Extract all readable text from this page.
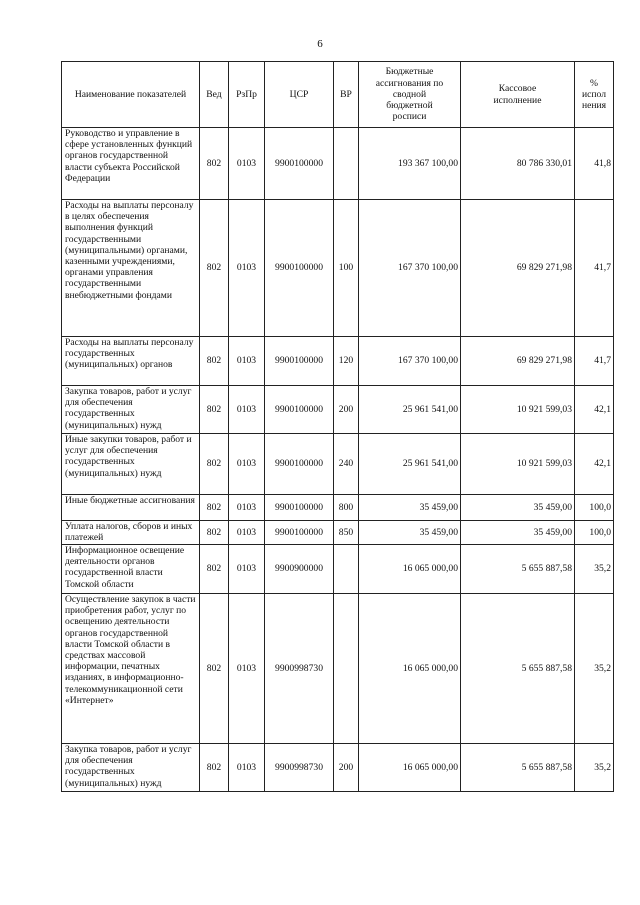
6
Наименование показателей	Вед	РзПр	ЦСР	ВР	Бюджетные ассигнования по сводной бюджетной росписи	Кассовое исполнение	% испол нения
Руководство и управление в сфере установленных функций органов государственной власти субъекта Российской Федерации	802	0103	9900100000		193 367 100,00	80 786 330,01	41,8
Расходы на выплаты персоналу в целях обеспечения выполнения функций государственными (муниципальными) органами, казенными учреждениями, органами управления государственными внебюджетными фондами	802	0103	9900100000	100	167 370 100,00	69 829 271,98	41,7
Расходы на выплаты персоналу государственных (муниципальных) органов	802	0103	9900100000	120	167 370 100,00	69 829 271,98	41,7
Закупка товаров, работ и услуг для обеспечения государственных (муниципальных) нужд	802	0103	9900100000	200	25 961 541,00	10 921 599,03	42,1
Иные закупки товаров, работ и услуг для обеспечения государственных (муниципальных) нужд	802	0103	9900100000	240	25 961 541,00	10 921 599,03	42,1
Иные бюджетные ассигнования	802	0103	9900100000	800	35 459,00	35 459,00	100,0
Уплата налогов, сборов и иных платежей	802	0103	9900100000	850	35 459,00	35 459,00	100,0
Информационное освещение деятельности органов государственной власти Томской области	802	0103	9900900000		16 065 000,00	5 655 887,58	35,2
Осуществление закупок в части приобретения работ, услуг по освещению деятельности органов государственной власти Томской области в средствах массовой информации, печатных изданиях, в информационно-телекоммуникационной сети «Интернет»	802	0103	9900998730		16 065 000,00	5 655 887,58	35,2
Закупка товаров, работ и услуг для обеспечения государственных (муниципальных) нужд	802	0103	9900998730	200	16 065 000,00	5 655 887,58	35,2
